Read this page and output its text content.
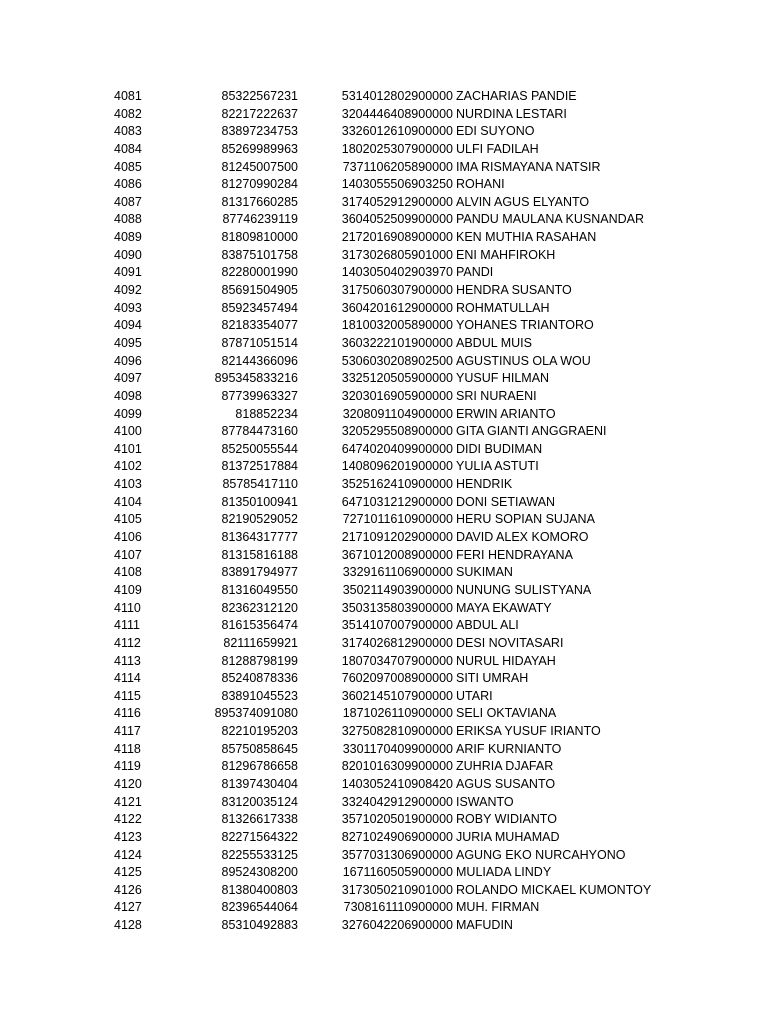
4081	85322567231	5314012802900000 ZACHARIAS PANDIE
4082	82217222637	3204446408900000 NURDINA LESTARI
4083	83897234753	3326012610900000 EDI SUYONO
4084	85269989963	1802025307900000 ULFI FADILAH
4085	81245007500	7371106205890000 IMA RISMAYANA NATSIR
4086	81270990284	1403055506903250 ROHANI
4087	81317660285	3174052912900000 ALVIN AGUS ELYANTO
4088	87746239119	3604052509900000 PANDU MAULANA KUSNANDAR
4089	81809810000	2172016908900000 KEN MUTHIA RASAHAN
4090	83875101758	3173026805901000 ENI MAHFIROKH
4091	82280001990	1403050402903970 PANDI
4092	85691504905	3175060307900000 HENDRA SUSANTO
4093	85923457494	3604201612900000 ROHMATULLAH
4094	82183354077	1810032005890000 YOHANES TRIANTORO
4095	87871051514	3603222101900000 ABDUL MUIS
4096	82144366096	5306030208902500 AGUSTINUS OLA WOU
4097	895345833216	3325120505900000 YUSUF HILMAN
4098	87739963327	3203016905900000 SRI NURAENI
4099	818852234	3208091104900000 ERWIN ARIANTO
4100	87784473160	3205295508900000 GITA GIANTI ANGGRAENI
4101	85250055544	6474020409900000 DIDI BUDIMAN
4102	81372517884	1408096201900000 YULIA ASTUTI
4103	85785417110	3525162410900000 HENDRIK
4104	81350100941	6471031212900000 DONI SETIAWAN
4105	82190529052	7271011610900000 HERU SOPIAN SUJANA
4106	81364317777	2171091202900000 DAVID ALEX KOMORO
4107	81315816188	3671012008900000 FERI HENDRAYANA
4108	83891794977	3329161106900000 SUKIMAN
4109	81316049550	3502114903900000 NUNUNG SULISTYANA
4110	82362312120	3503135803900000 MAYA EKAWATY
4111	81615356474	3514107007900000 ABDUL ALI
4112	82111659921	3174026812900000 DESI NOVITASARI
4113	81288798199	1807034707900000 NURUL HIDAYAH
4114	85240878336	7602097008900000 SITI UMRAH
4115	83891045523	3602145107900000 UTARI
4116	895374091080	1871026110900000 SELI OKTAVIANA
4117	82210195203	3275082810900000 ERIKSA YUSUF IRIANTO
4118	85750858645	3301170409900000 ARIF KURNIANTO
4119	81296786658	8201016309900000 ZUHRIA DJAFAR
4120	81397430404	1403052410908420 AGUS SUSANTO
4121	83120035124	3324042912900000 ISWANTO
4122	81326617338	3571020501900000 ROBY WIDIANTO
4123	82271564322	8271024906900000 JURIA MUHAMAD
4124	82255533125	3577031306900000 AGUNG EKO NURCAHYONO
4125	89524308200	1671160505900000 MULIADA LINDY
4126	81380400803	3173050210901000 ROLANDO MICKAEL KUMONTOY
4127	82396544064	7308161110900000 MUH. FIRMAN
4128	85310492883	3276042206900000 MAFUDIN
